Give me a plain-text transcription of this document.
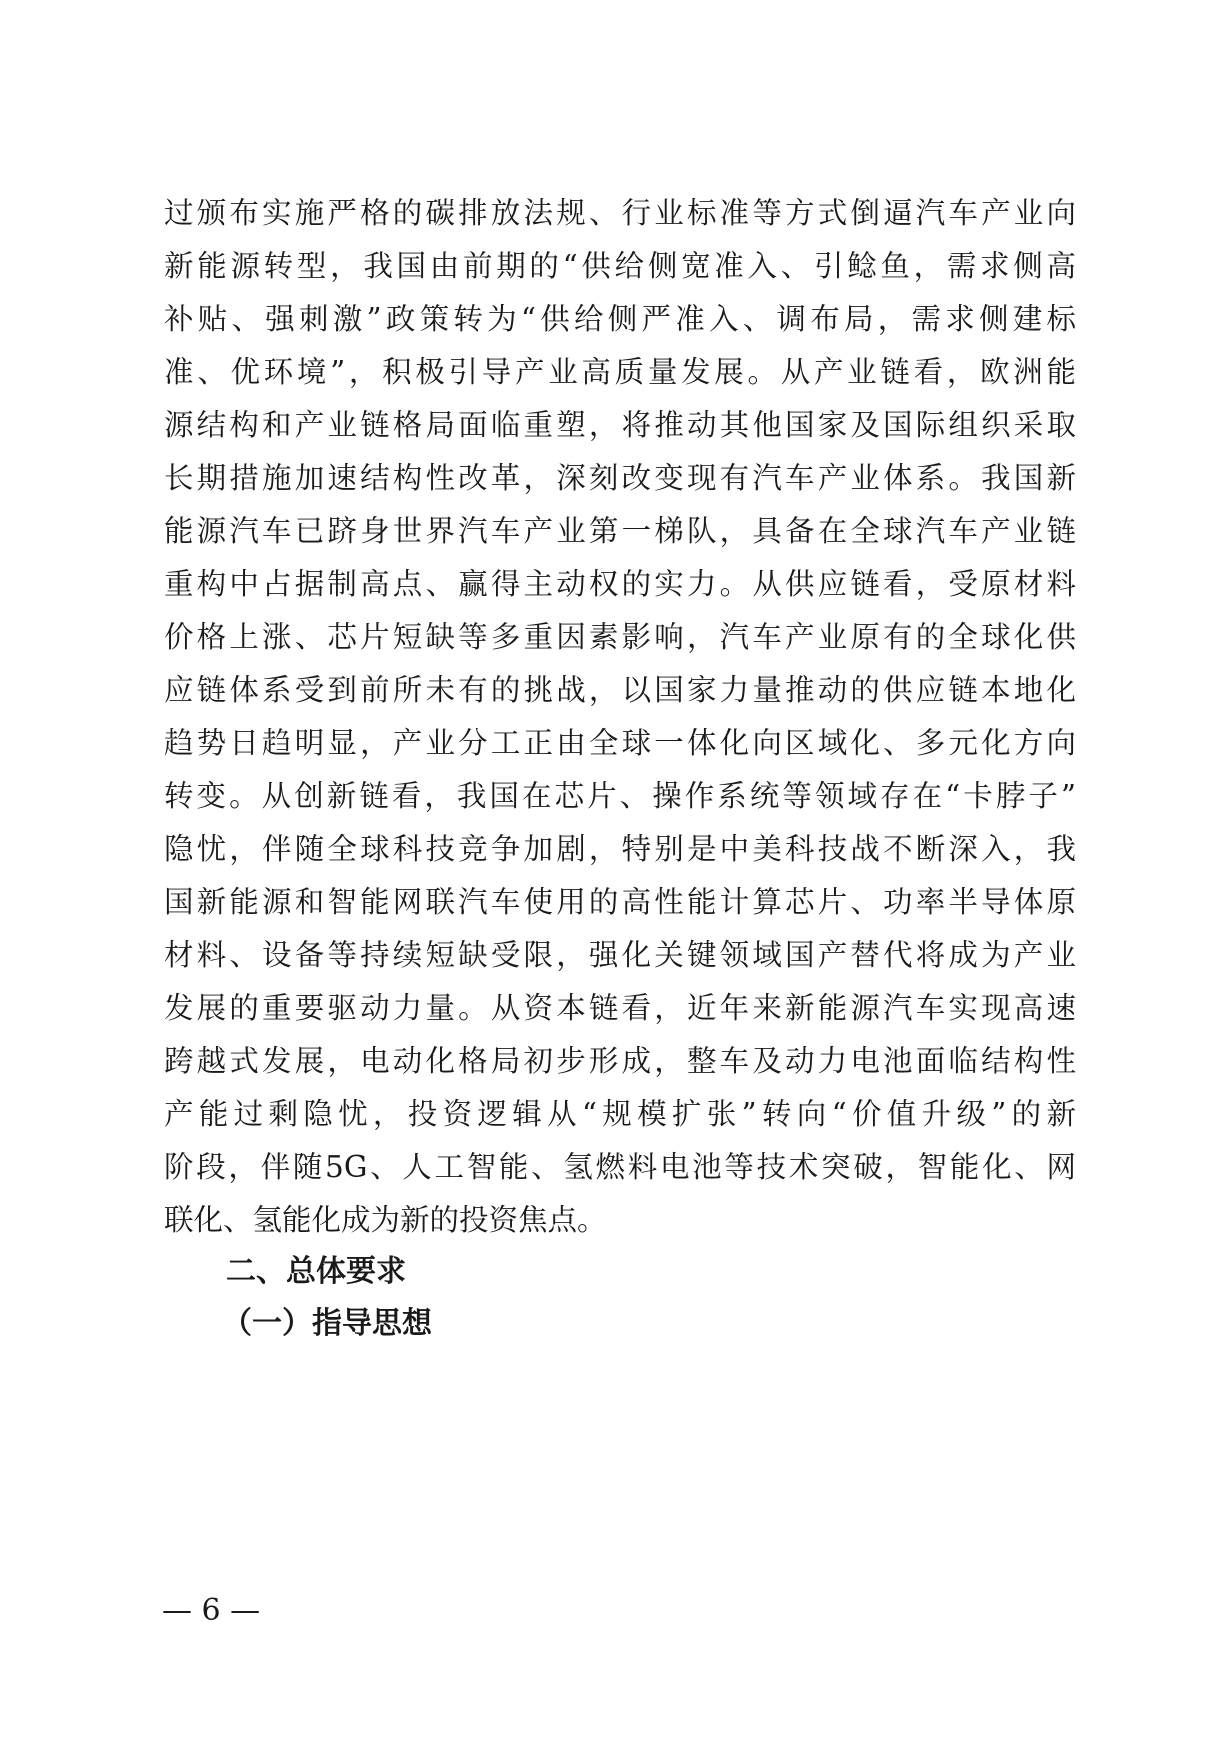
过颁布实施严格的碳排放法规、行业标准等方式倒逼汽车产业向
新能源转型，我国由前期的“供给侧宽准入、引鲶鱼，需求侧高
补贴、强刺激”政策转为“供给侧严准入、调布局，需求侧建标
准、优环境”，积极引导产业高质量发展。从产业链看，欧洲能
源结构和产业链格局面临重塑，将推动其他国家及国际组织采取
长期措施加速结构性改革，深刻改变现有汽车产业体系。我国新
能源汽车已跻身世界汽车产业第一梯队，具备在全球汽车产业链
重构中占据制高点、赢得主动权的实力。从供应链看，受原材料
价格上涨、芯片短缺等多重因素影响，汽车产业原有的全球化供
应链体系受到前所未有的挑战，以国家力量推动的供应链本地化
趋势日趋明显，产业分工正由全球一体化向区域化、多元化方向
转变。从创新链看，我国在芯片、操作系统等领域存在“卡脖子”
隐忧，伴随全球科技竞争加剧，特别是中美科技战不断深入，我
国新能源和智能网联汽车使用的高性能计算芯片、功率半导体原
材料、设备等持续短缺受限，强化关键领域国产替代将成为产业
发展的重要驱动力量。从资本链看，近年来新能源汽车实现高速
跨越式发展，电动化格局初步形成，整车及动力电池面临结构性
产能过剩隐忧，投资逻辑从“规模扩张”转向“价值升级”的新
阶段，伴随5G、人工智能、氢燃料电池等技术突破，智能化、网
联化、氢能化成为新的投资焦点。
二、总体要求
（一）指导思想
— 6 —
